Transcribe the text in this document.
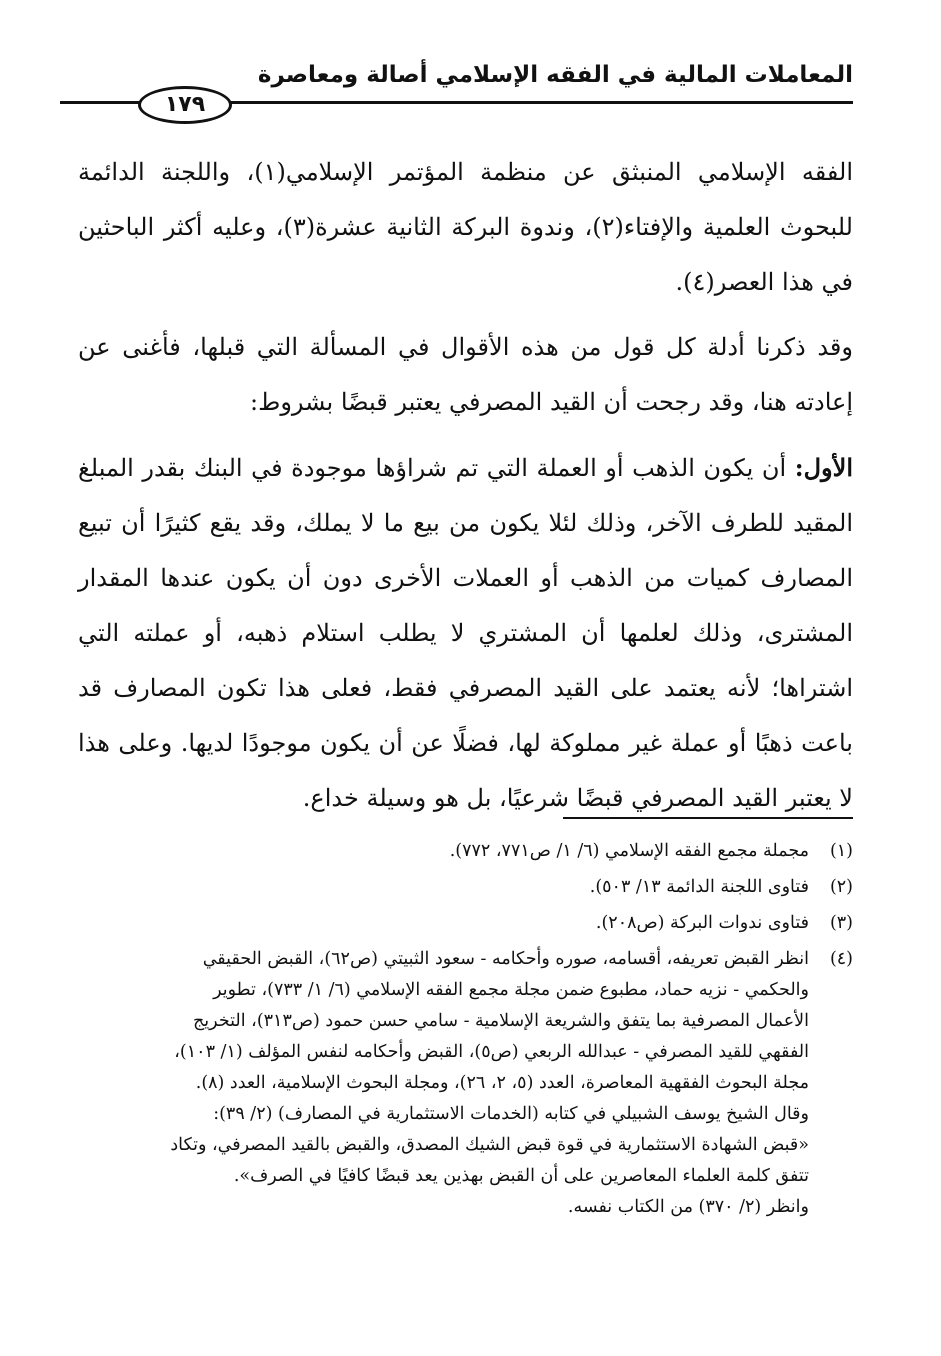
المعاملات المالية في الفقه الإسلامي أصالة ومعاصرة
١٧٩

الفقه الإسلامي المنبثق عن منظمة المؤتمر الإسلامي(١)، واللجنة الدائمة للبحوث العلمية والإفتاء(٢)، وندوة البركة الثانية عشرة(٣)، وعليه أكثر الباحثين في هذا العصر(٤).

وقد ذكرنا أدلة كل قول من هذه الأقوال في المسألة التي قبلها، فأغنى عن إعادته هنا، وقد رجحت أن القيد المصرفي يعتبر قبضًا بشروط:

الأول: أن يكون الذهب أو العملة التي تم شراؤها موجودة في البنك بقدر المبلغ المقيد للطرف الآخر، وذلك لئلا يكون من بيع ما لا يملك، وقد يقع كثيرًا أن تبيع المصارف كميات من الذهب أو العملات الأخرى دون أن يكون عندها المقدار المشترى، وذلك لعلمها أن المشتري لا يطلب استلام ذهبه، أو عملته التي اشتراها؛ لأنه يعتمد على القيد المصرفي فقط، فعلى هذا تكون المصارف قد باعت ذهبًا أو عملة غير مملوكة لها، فضلًا عن أن يكون موجودًا لديها. وعلى هذا لا يعتبر القيد المصرفي قبضًا شرعيًا، بل هو وسيلة خداع.

(١)
مجملة مجمع الفقه الإسلامي (٦/ ١/ ص٧٧١، ٧٧٢).
(٢)
فتاوى اللجنة الدائمة ١٣/ ٥٠٣).
(٣)
فتاوى ندوات البركة (ص٢٠٨).
(٤)
انظر القبض تعريفه، أقسامه، صوره وأحكامه - سعود الثبيتي (ص٦٢)، القبض الحقيقي
والحكمي - نزيه حماد، مطبوع ضمن مجلة مجمع الفقه الإسلامي (٦/ ١/ ٧٣٣)، تطوير
الأعمال المصرفية بما يتفق والشريعة الإسلامية - سامي حسن حمود (ص٣١٣)، التخريج
الفقهي للقيد المصرفي - عبدالله الربعي (ص٥)، القبض وأحكامه لنفس المؤلف (١/ ١٠٣)،
مجلة البحوث الفقهية المعاصرة، العدد (٥، ٢، ٢٦)، ومجلة البحوث الإسلامية، العدد (٨).
وقال الشيخ يوسف الشبيلي في كتابه (الخدمات الاستثمارية في المصارف) (٢/ ٣٩):
«قبض الشهادة الاستثمارية في قوة قبض الشيك المصدق، والقبض بالقيد المصرفي، وتكاد
تتفق كلمة العلماء المعاصرين على أن القبض بهذين يعد قبضًا كافيًا في الصرف».
وانظر (٢/ ٣٧٠) من الكتاب نفسه.
